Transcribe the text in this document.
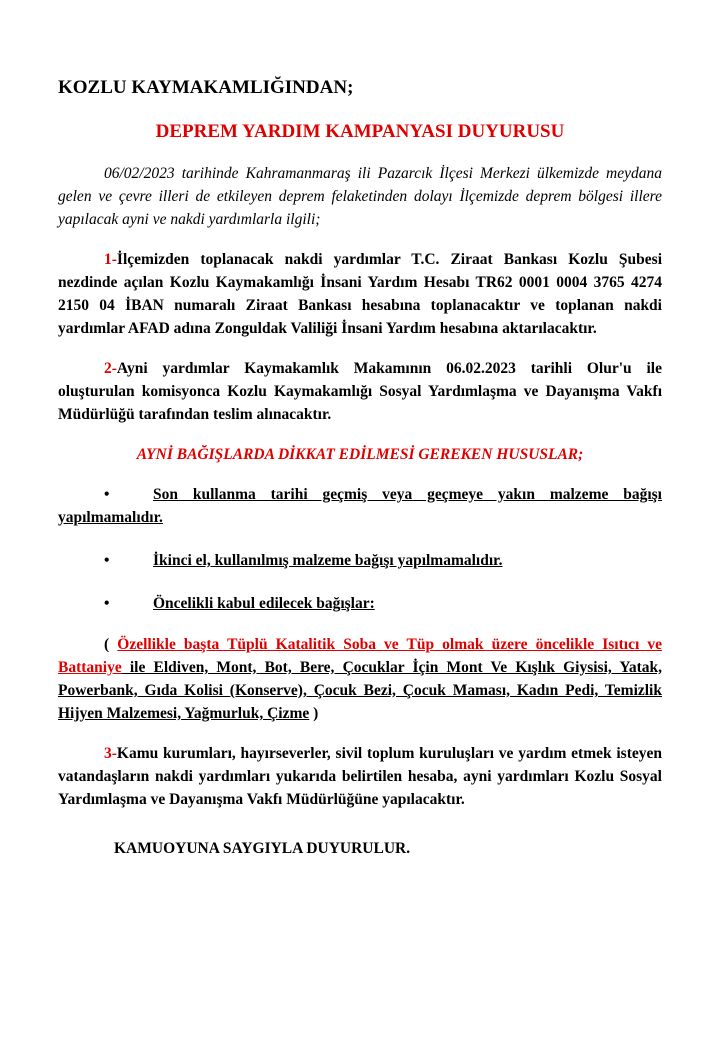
KOZLU KAYMAKAMLIĞINDAN;
DEPREM YARDIM KAMPANYASI DUYURUSU

06/02/2023 tarihinde Kahramanmaraş ili Pazarcık İlçesi Merkezi ülkemizde meydana gelen ve çevre illeri de etkileyen deprem felaketinden dolayı İlçemizde deprem bölgesi illere yapılacak ayni ve nakdi yardımlarla ilgili;

1-İlçemizden toplanacak nakdi yardımlar T.C. Ziraat Bankası Kozlu Şubesi nezdinde açılan Kozlu Kaymakamlığı İnsani Yardım Hesabı TR62 0001 0004 3765 4274 2150 04 İBAN numaralı Ziraat Bankası hesabına toplanacaktır ve toplanan nakdi yardımlar AFAD adına Zonguldak Valiliği İnsani Yardım hesabına aktarılacaktır.

2-Ayni yardımlar Kaymakamlık Makamının 06.02.2023 tarihli Olur'u ile oluşturulan komisyonca Kozlu Kaymakamlığı Sosyal Yardımlaşma ve Dayanışma Vakfı Müdürlüğü tarafından teslim alınacaktır.

AYNİ BAĞIŞLARDA DİKKAT EDİLMESİ GEREKEN HUSUSLAR;
•	Son kullanma tarihi geçmiş veya geçmeye yakın malzeme bağışı yapılmamalıdır.
•	İkinci el, kullanılmış malzeme bağışı yapılmamalıdır.
•	Öncelikli kabul edilecek bağışlar:

( Özellikle başta Tüplü Katalitik Soba ve Tüp olmak üzere öncelikle Isıtıcı ve Battaniye ile Eldiven, Mont, Bot, Bere, Çocuklar İçin Mont Ve Kışlık Giysisi, Yatak, Powerbank, Gıda Kolisi (Konserve), Çocuk Bezi, Çocuk Maması, Kadın Pedi, Temizlik Hijyen Malzemesi, Yağmurluk, Çizme )

3-Kamu kurumları, hayırseverler, sivil toplum kuruluşları ve yardım etmek isteyen vatandaşların nakdi yardımları yukarıda belirtilen hesaba, ayni yardımları Kozlu Sosyal Yardımlaşma ve Dayanışma Vakfı Müdürlüğüne yapılacaktır.

KAMUOYUNA SAYGIYLA DUYURULUR.
